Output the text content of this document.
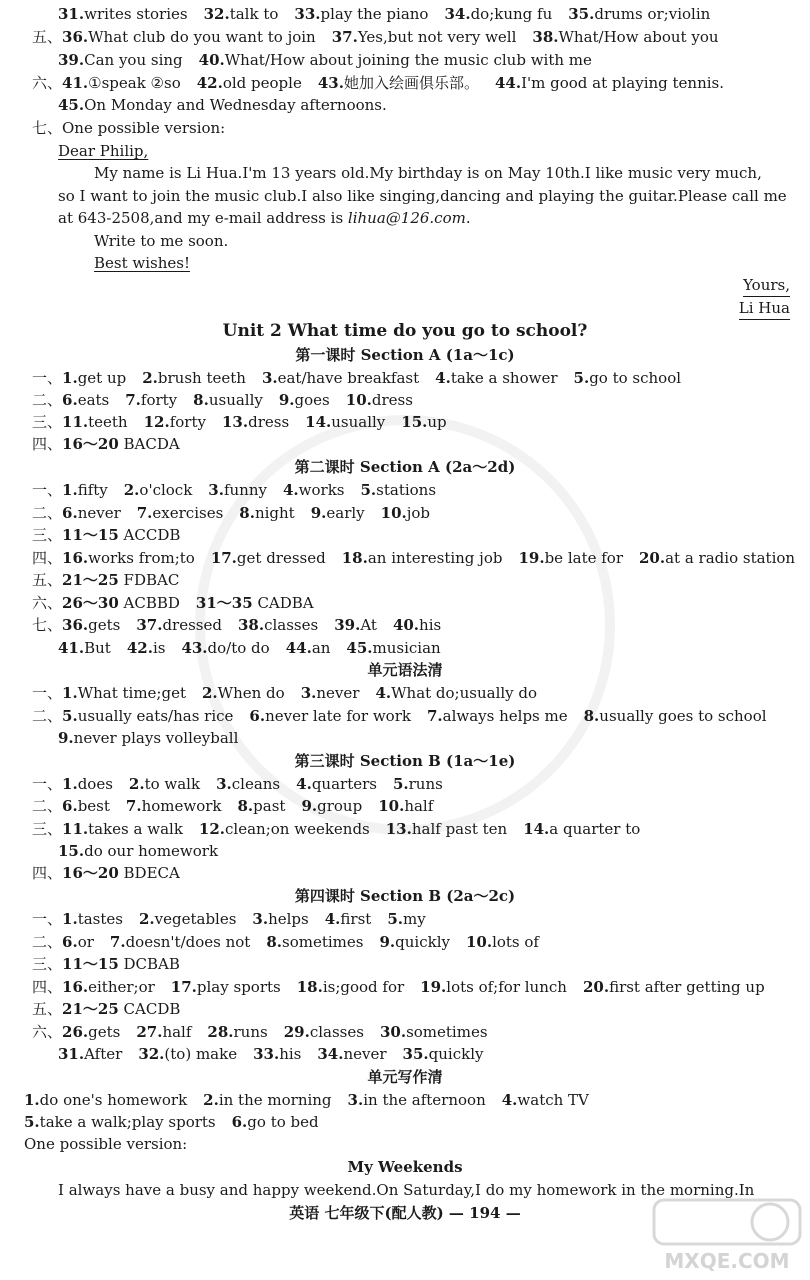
31.writes stories 32.talk to 33.play the piano 34.do;kung fu 35.drums or;violin
五、36.What club do you want to join 37.Yes,but not very well 38.What/How about you
39.Can you sing 40.What/How about joining the music club with me
六、41.①speak ②so 42.old people 43.她加入绘画俱乐部。 44.I'm good at playing tennis.
45.On Monday and Wednesday afternoons.
七、One possible version:
Dear Philip,
My name is Li Hua.I'm 13 years old.My birthday is on May 10th.I like music very much,
so I want to join the music club.I also like singing,dancing and playing the guitar.Please call me
at 643-2508,and my e-mail address is lihua@126.com.
Write to me soon.
Best wishes!
Yours,
Li Hua
Unit 2 What time do you go to school?
第一课时 Section A (1a～1c)
一、1.get up 2.brush teeth 3.eat/have breakfast 4.take a shower 5.go to school
二、6.eats 7.forty 8.usually 9.goes 10.dress
三、11.teeth 12.forty 13.dress 14.usually 15.up
四、16～20 BACDA
第二课时 Section A (2a～2d)
一、1.fifty 2.o'clock 3.funny 4.works 5.stations
二、6.never 7.exercises 8.night 9.early 10.job
三、11～15 ACCDB
四、16.works from;to 17.get dressed 18.an interesting job 19.be late for 20.at a radio station
五、21～25 FDBAC
六、26～30 ACBBD 31～35 CADBA
七、36.gets 37.dressed 38.classes 39.At 40.his
41.But 42.is 43.do/to do 44.an 45.musician
单元语法清
一、1.What time;get 2.When do 3.never 4.What do;usually do
二、5.usually eats/has rice 6.never late for work 7.always helps me 8.usually goes to school
9.never plays volleyball
第三课时 Section B (1a～1e)
一、1.does 2.to walk 3.cleans 4.quarters 5.runs
二、6.best 7.homework 8.past 9.group 10.half
三、11.takes a walk 12.clean;on weekends 13.half past ten 14.a quarter to
15.do our homework
四、16～20 BDECA
第四课时 Section B (2a～2c)
一、1.tastes 2.vegetables 3.helps 4.first 5.my
二、6.or 7.doesn't/does not 8.sometimes 9.quickly 10.lots of
三、11～15 DCBAB
四、16.either;or 17.play sports 18.is;good for 19.lots of;for lunch 20.first after getting up
五、21～25 CACDB
六、26.gets 27.half 28.runs 29.classes 30.sometimes
31.After 32.(to) make 33.his 34.never 35.quickly
单元写作清
1.do one's homework 2.in the morning 3.in the afternoon 4.watch TV
5.take a walk;play sports 6.go to bed
One possible version:
My Weekends
I always have a busy and happy weekend.On Saturday,I do my homework in the morning.In
英语 七年级下(配人教) — 194 —
MXQE.COM
